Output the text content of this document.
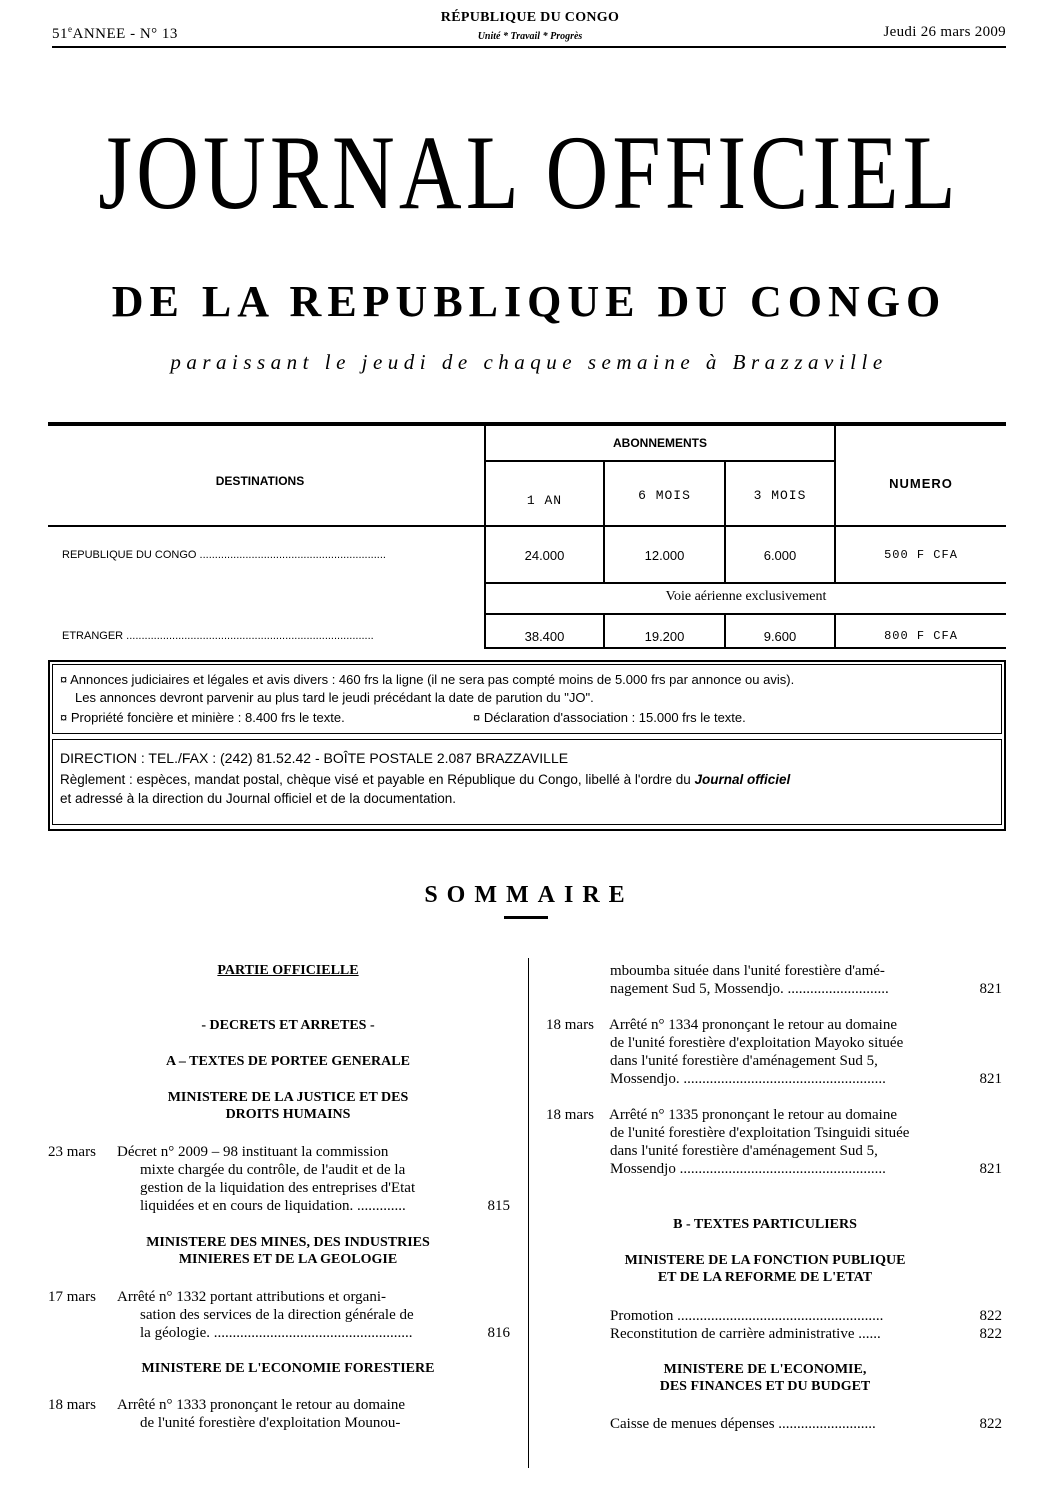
51eANNEE - N° 13
RÉPUBLIQUE DU CONGO
Unité * Travail * Progrès	Jeudi 26 mars 2009
JOURNAL OFFICIEL
DE LA REPUBLIQUE DU CONGO
paraissant le jeudi de chaque semaine à Brazzaville
DESTINATIONS
ABONNEMENTS
1 AN	6 MOIS	3 MOIS
NUMERO
REPUBLIQUE DU CONGO .............................................................	24.000	12.000	6.000	500 F CFA
Voie aérienne exclusivement
ETRANGER .................................................................................	38.400	19.200	9.600	800 F CFA
¤ Annonces judiciaires et légales et avis divers : 460 frs la ligne (il ne sera pas compté moins de 5.000 frs par annonce ou avis).
Les annonces devront parvenir au plus tard le jeudi précédant la date de parution du "JO".
¤ Propriété foncière et minière : 8.400 frs le texte.	¤ Déclaration d'association : 15.000 frs le texte.
DIRECTION : TEL./FAX : (242) 81.52.42 - BOÎTE POSTALE 2.087 BRAZZAVILLE
Règlement : espèces, mandat postal, chèque visé et payable en République du Congo, libellé à l'ordre du Journal officiel
et adressé à la direction du Journal officiel et de la documentation.
SOMMAIRE
PARTIE OFFICIELLE
- DECRETS ET ARRETES -
A – TEXTES DE PORTEE GENERALE
MINISTERE DE LA JUSTICE ET DES
DROITS HUMAINS
23 mars Décret n° 2009 – 98 instituant la commission
mixte chargée du contrôle, de l'audit et de la
gestion de la liquidation des entreprises d'Etat
liquidées et en cours de liquidation. .............	815
MINISTERE DES MINES, DES INDUSTRIES
MINIERES ET DE LA GEOLOGIE
17 mars Arrêté n° 1332 portant attributions et organi-
sation des services de la direction générale de
la géologie. .....................................................	816
MINISTERE DE L'ECONOMIE FORESTIERE
18 mars Arrêté n° 1333 prononçant le retour au domaine
de l'unité forestière d'exploitation Mounou-
mboumba située dans l'unité forestière d'amé-
nagement Sud 5, Mossendjo. ...........................	821
18 mars Arrêté n° 1334 prononçant le retour au domaine
de l'unité forestière d'exploitation Mayoko située
dans l'unité forestière d'aménagement Sud 5,
Mossendjo. ......................................................	821
18 mars Arrêté n° 1335 prononçant le retour au domaine
de l'unité forestière d'exploitation Tsinguidi située
dans l'unité forestière d'aménagement Sud 5,
Mossendjo .......................................................	821
B - TEXTES PARTICULIERS
MINISTERE DE LA FONCTION PUBLIQUE
ET DE LA REFORME DE L'ETAT
Promotion .......................................................	822
Reconstitution de carrière administrative ......	822
MINISTERE DE L'ECONOMIE,
DES FINANCES ET DU BUDGET
Caisse de menues dépenses ..........................	822
